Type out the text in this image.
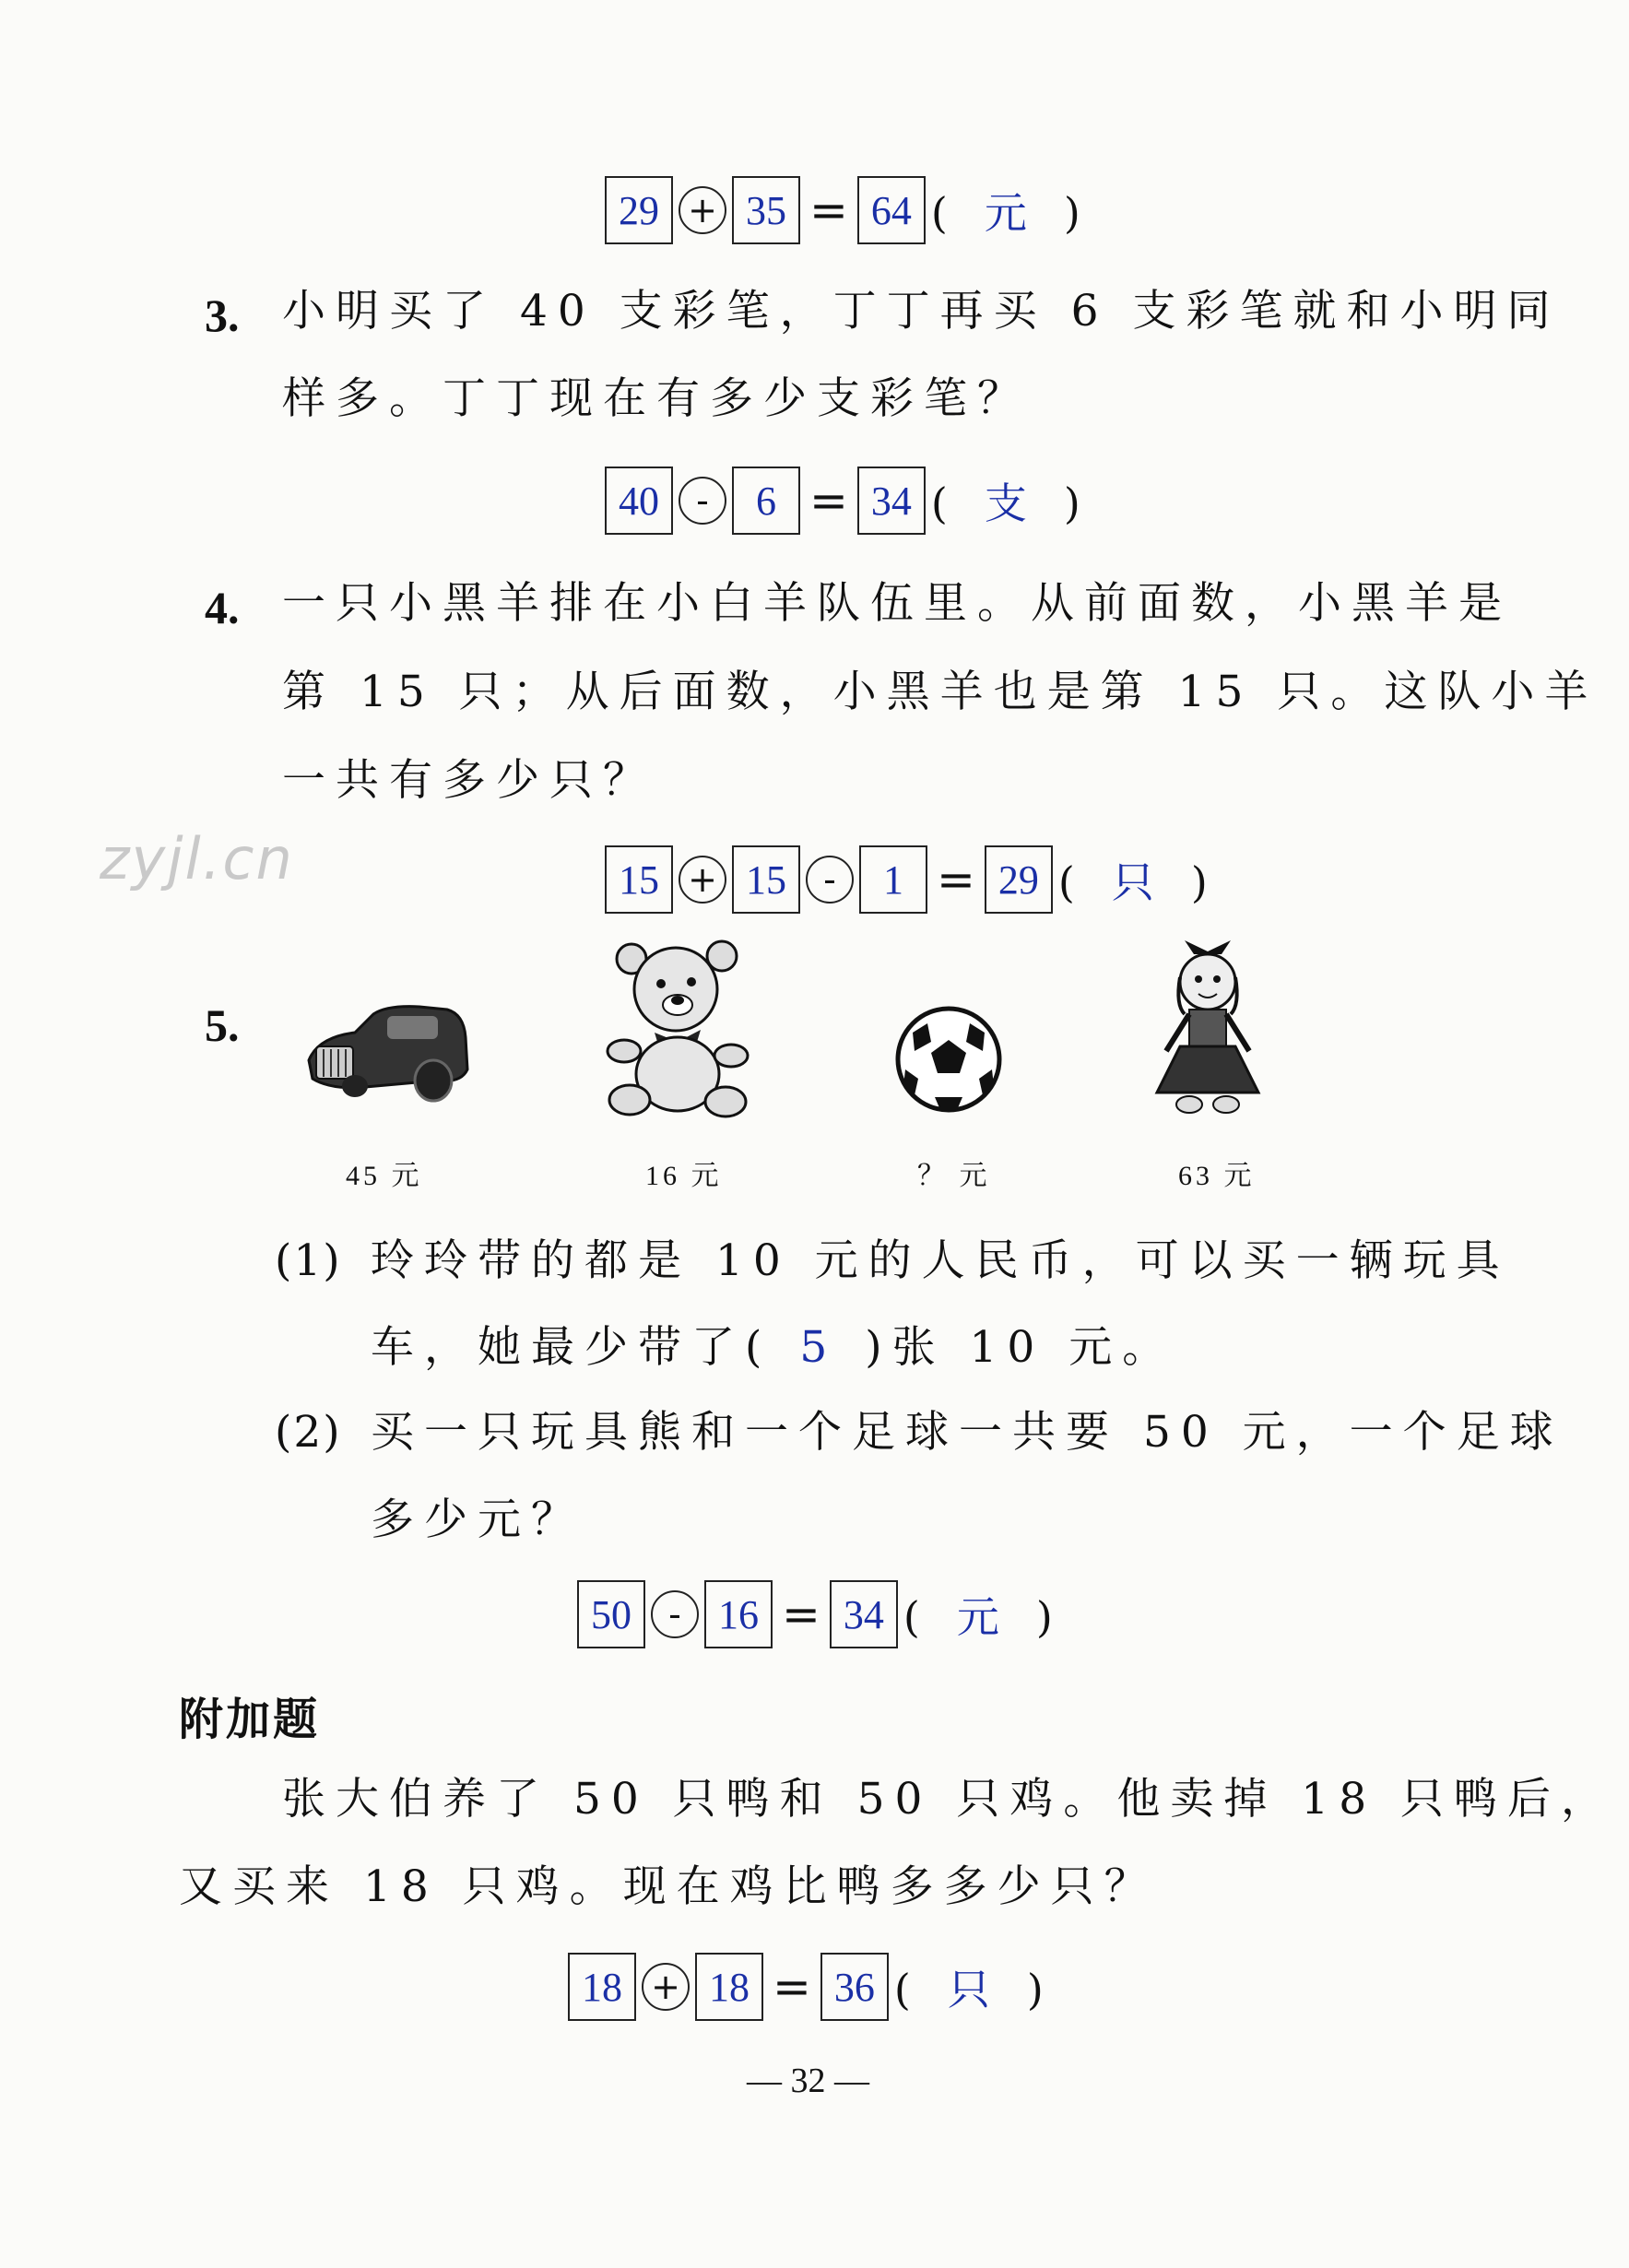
29 + 35 = 64 ( 元 )
3. 小明买了 40 支彩笔，丁丁再买 6 支彩笔就和小明同
样多。丁丁现在有多少支彩笔？
40	-	6 = 34 ( 支 )
4. 一只小黑羊排在小白羊队伍里。从前面数，小黑羊是
第 15 只；从后面数，小黑羊也是第 15 只。这队小羊
一共有多少只？
zyjl.cn	15 + 15	-	1 = 29 ( 只 )
5.
45 元	16 元	？ 元	63 元
(1) 玲玲带的都是 10 元的人民币，可以买一辆玩具
车，她最少带了( 5 )张 10 元。
(2) 买一只玩具熊和一个足球一共要 50 元，一个足球
多少元？
50	- 16 = 34 ( 元 )
附加题
张大伯养了 50 只鸭和 50 只鸡。他卖掉 18 只鸭后，
又买来 18 只鸡。现在鸡比鸭多多少只？
18 + 18 = 36 ( 只 )
— 32 —
